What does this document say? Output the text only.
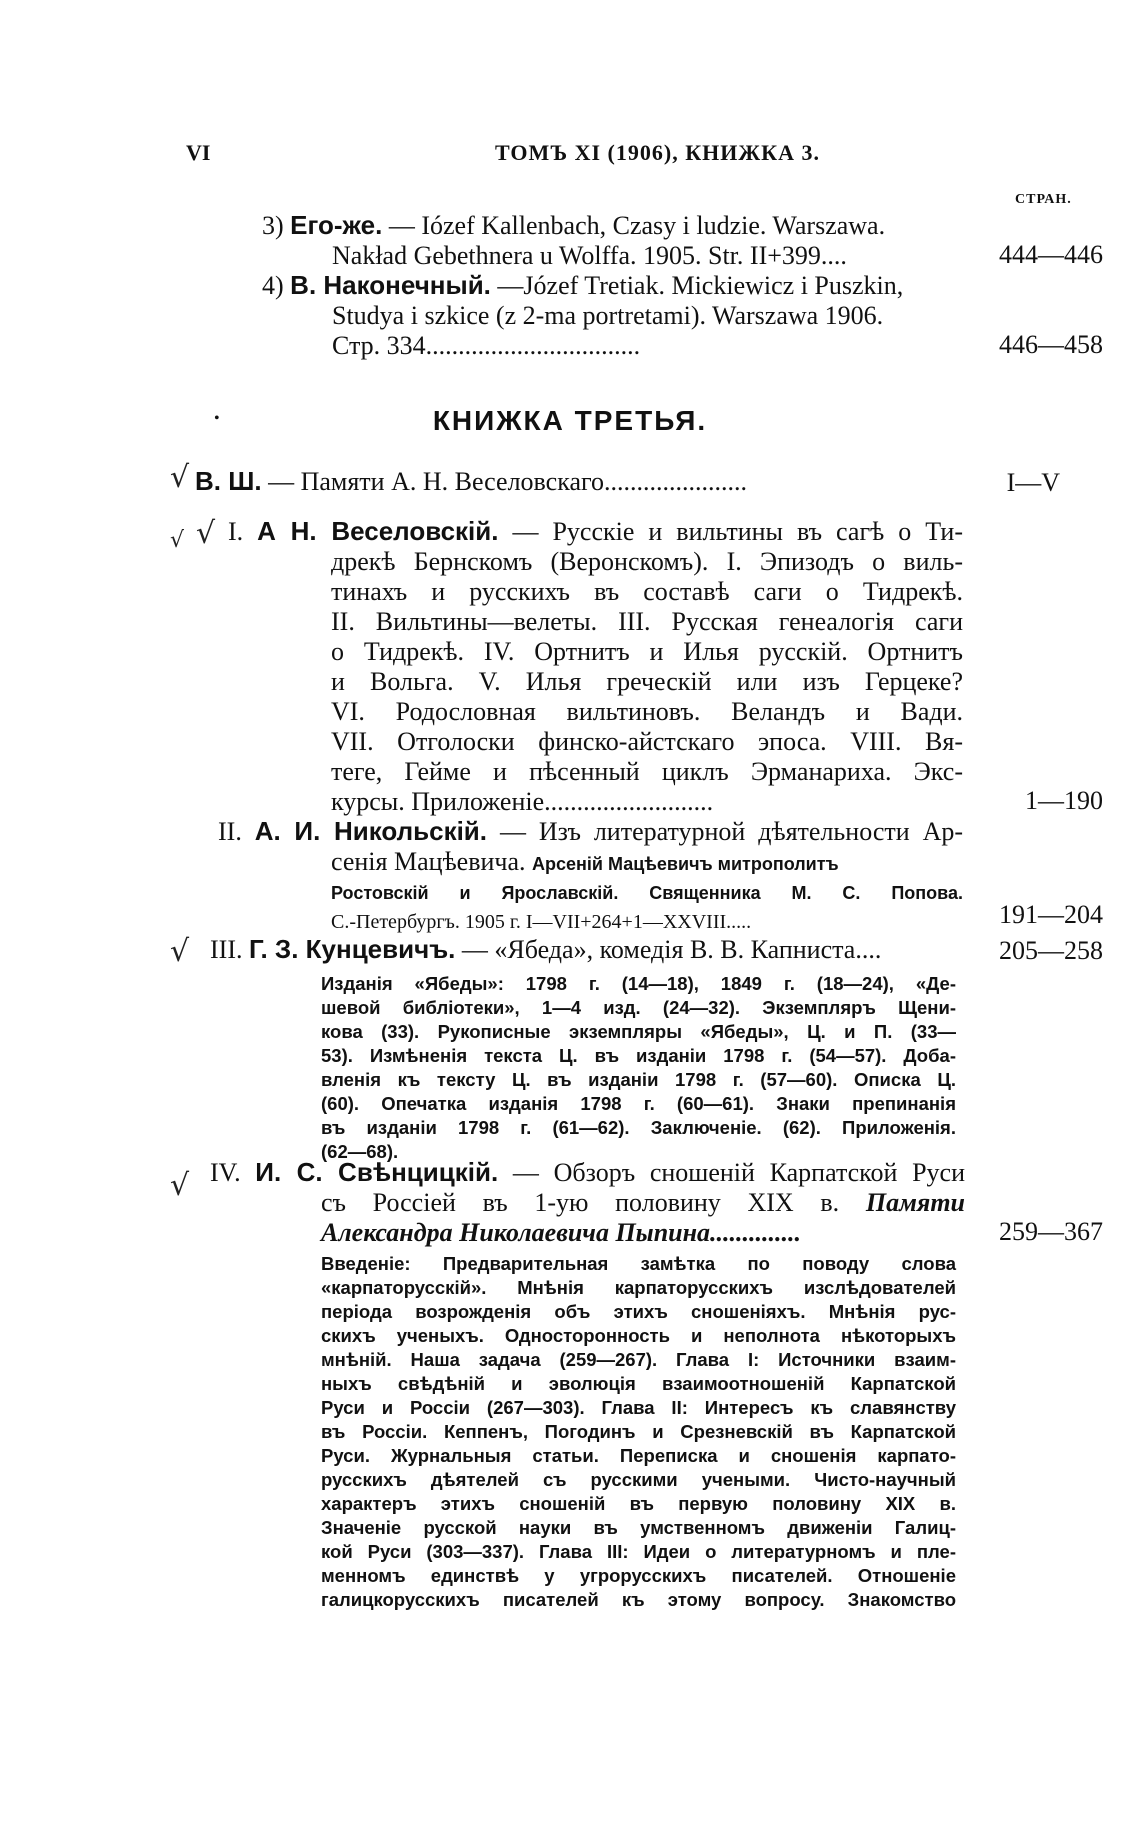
VI	ТОМЪ XI (1906), КНИЖКА 3.
СТРАН.
3) Его-же. — Iózef Kallenbach, Czasy i ludzie. Warszawa.
Nakład Gebethnera u Wolffa. 1905. Str. II+399....	444—446
4) В. Наконечный. —Józef Tretiak. Mickiewicz i Puszkin,
Studya i szkice (z 2-ma portretami). Warszawa 1906.
Стр. 334.................................	446—458
•	КНИЖКА ТРЕТЬЯ.
√ В. Ш. — Памяти А. Н. Веселовскаго......................	I—V
√ √ I. А Н. Веселовскій. — Русскіе и вильтины въ сагѣ о Ти-
дрекѣ Бернскомъ (Веронскомъ). I. Эпизодъ о виль-
тинахъ и русскихъ въ составѣ саги о Тидрекѣ.
II. Вильтины—велеты. III. Русская генеалогія саги
о Тидрекѣ. IV. Ортнитъ и Илья русскій. Ортнитъ
и Вольга. V. Илья греческій или изъ Герцеке?
VI. Родословная вильтиновъ. Веландъ и Вади.
VII. Отголоски финско-айстскаго эпоса. VIII. Вя-
теге, Гейме и пѣсенный циклъ Эрманариха. Экс-
курсы. Приложеніе..........................	1—190
II. А. И. Никольскій. — Изъ литературной дѣятельности Ар-
сенія Мацѣевича. Арсеній Мацѣевичъ митрополитъ
Ростовскій и Ярославскій. Священника М. С. Попова.
С.-Петербургъ. 1905 г. I—VII+264+1—XXVIII.....	191—204
√ III. Г. З. Кунцевичъ. — «Ябеда», комедія В. В. Капниста....	205—258
Изданія «Ябеды»: 1798 г. (14—18), 1849 г. (18—24), «Де-
шевой библіотеки», 1—4 изд. (24—32). Экземпляръ Щени-
кова (33). Рукописные экземпляры «Ябеды», Ц. и П. (33—
53). Измѣненія текста Ц. въ изданіи 1798 г. (54—57). Доба-
вленія къ тексту Ц. въ изданіи 1798 г. (57—60). Описка Ц.
(60). Опечатка изданія 1798 г. (60—61). Знаки препинанія
въ изданіи 1798 г. (61—62). Заключеніе. (62). Приложенія.
(62—68).
√ IV. И. С. Свѣнцицкій. — Обзоръ сношеній Карпатской Руси
съ Россіей въ 1-ую половину XIX в. Памяти
Александра Николаевича Пыпина..............	259—367
Введеніе: Предварительная замѣтка по поводу слова
«карпаторусскій». Мнѣнія карпаторусскихъ изслѣдователей
періода возрожденія объ этихъ сношеніяхъ. Мнѣнія рус-
скихъ ученыхъ. Односторонность и неполнота нѣкоторыхъ
мнѣній. Наша задача (259—267). Глава I: Источники взаим-
ныхъ свѣдѣній и эволюція взаимоотношеній Карпатской
Руси и Россіи (267—303). Глава II: Интересъ къ славянству
въ Россіи. Кеппенъ, Погодинъ и Срезневскій въ Карпатской
Руси. Журнальныя статьи. Переписка и сношенія карпато-
русскихъ дѣятелей съ русскими учеными. Чисто-научный
характеръ этихъ сношеній въ первую половину XIX в.
Значеніе русской науки въ умственномъ движеніи Галиц-
кой Руси (303—337). Глава III: Идеи о литературномъ и пле-
менномъ единствѣ у угрорусскихъ писателей. Отношеніе
галицкорусскихъ писателей къ этому вопросу. Знакомство
